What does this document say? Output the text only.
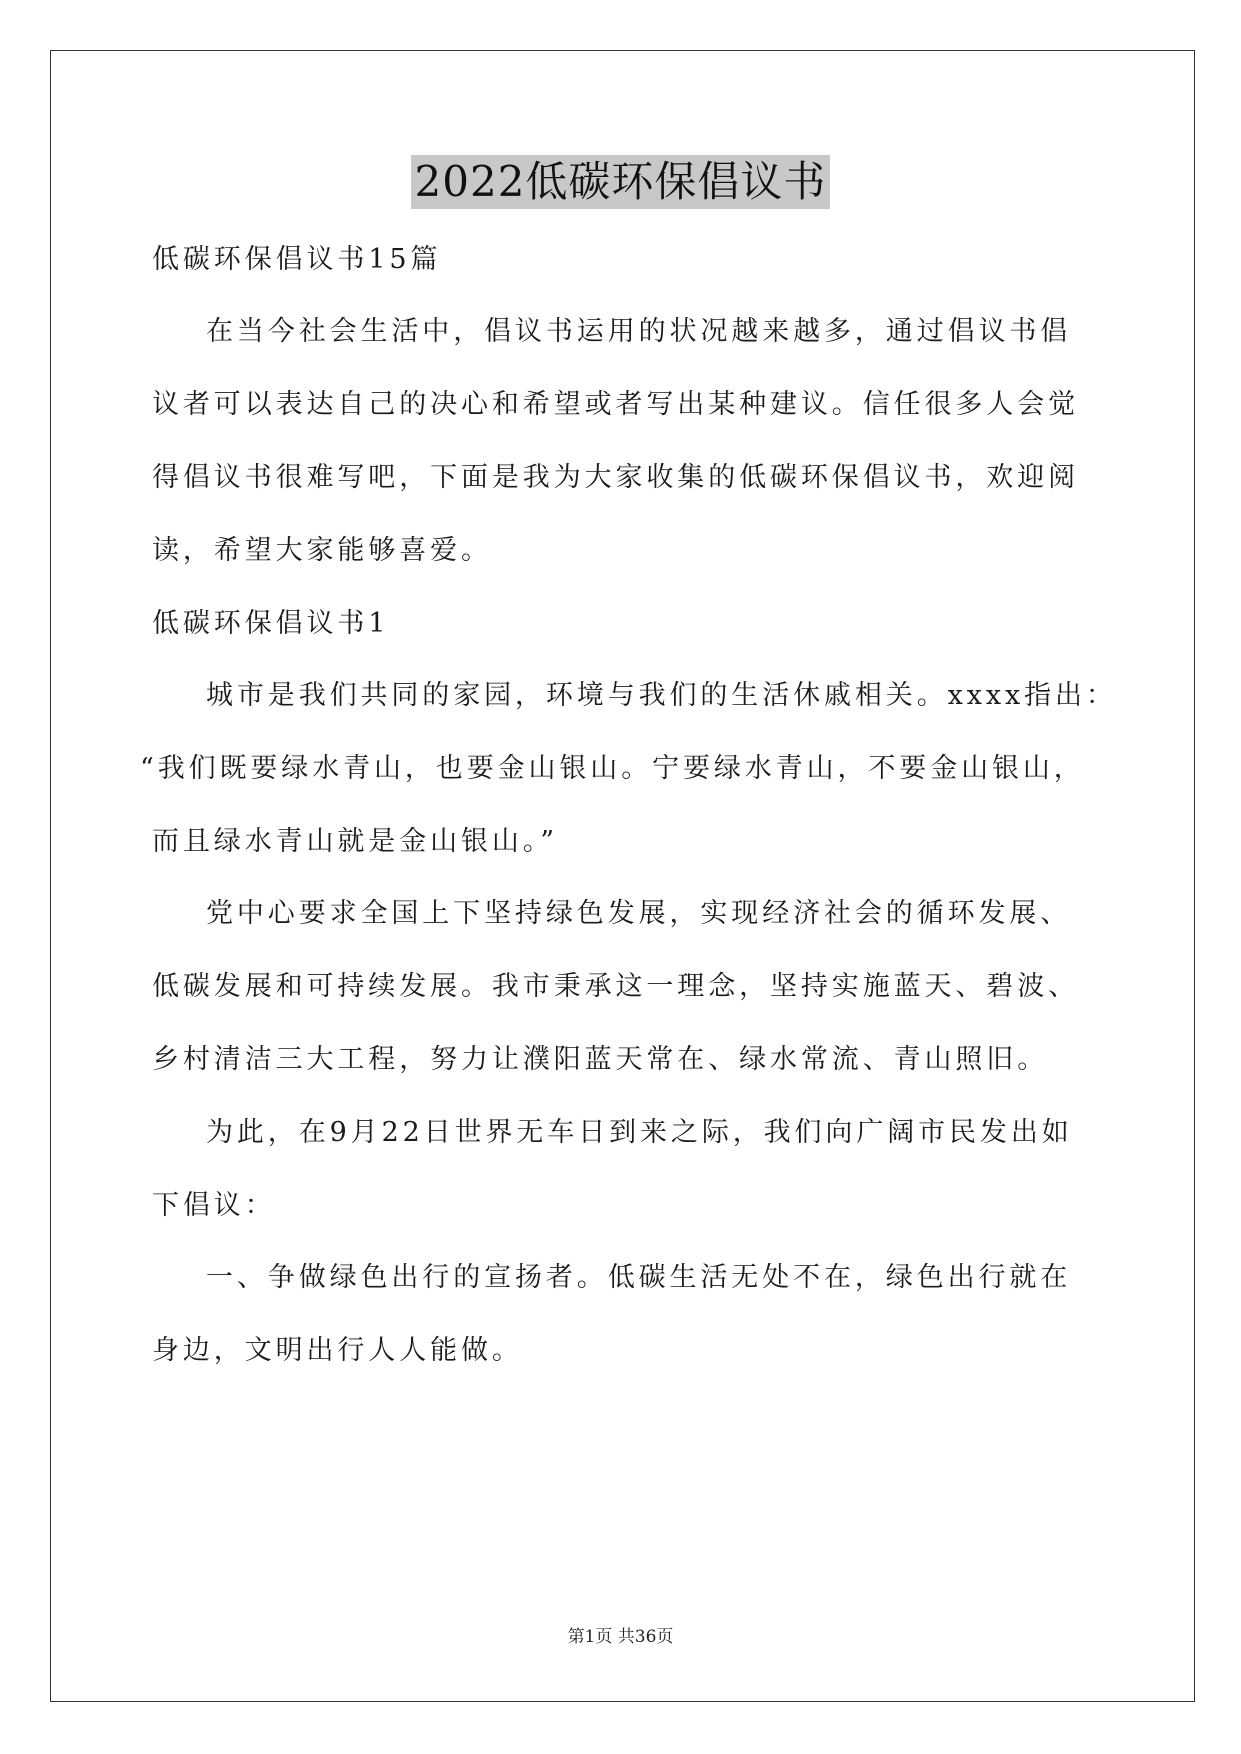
2022低碳环保倡议书
低碳环保倡议书15篇
在当今社会生活中，倡议书运用的状况越来越多，通过倡议书倡
议者可以表达自己的决心和希望或者写出某种建议。信任很多人会觉
得倡议书很难写吧，下面是我为大家收集的低碳环保倡议书，欢迎阅
读，希望大家能够喜爱。
低碳环保倡议书1
城市是我们共同的家园，环境与我们的生活休戚相关。xxxx指出：
“我们既要绿水青山，也要金山银山。宁要绿水青山，不要金山银山，
而且绿水青山就是金山银山。”
党中心要求全国上下坚持绿色发展，实现经济社会的循环发展、
低碳发展和可持续发展。我市秉承这一理念，坚持实施蓝天、碧波、
乡村清洁三大工程，努力让濮阳蓝天常在、绿水常流、青山照旧。
为此，在9月22日世界无车日到来之际，我们向广阔市民发出如
下倡议：
一、争做绿色出行的宣扬者。低碳生活无处不在，绿色出行就在
身边，文明出行人人能做。
第1页 共36页
